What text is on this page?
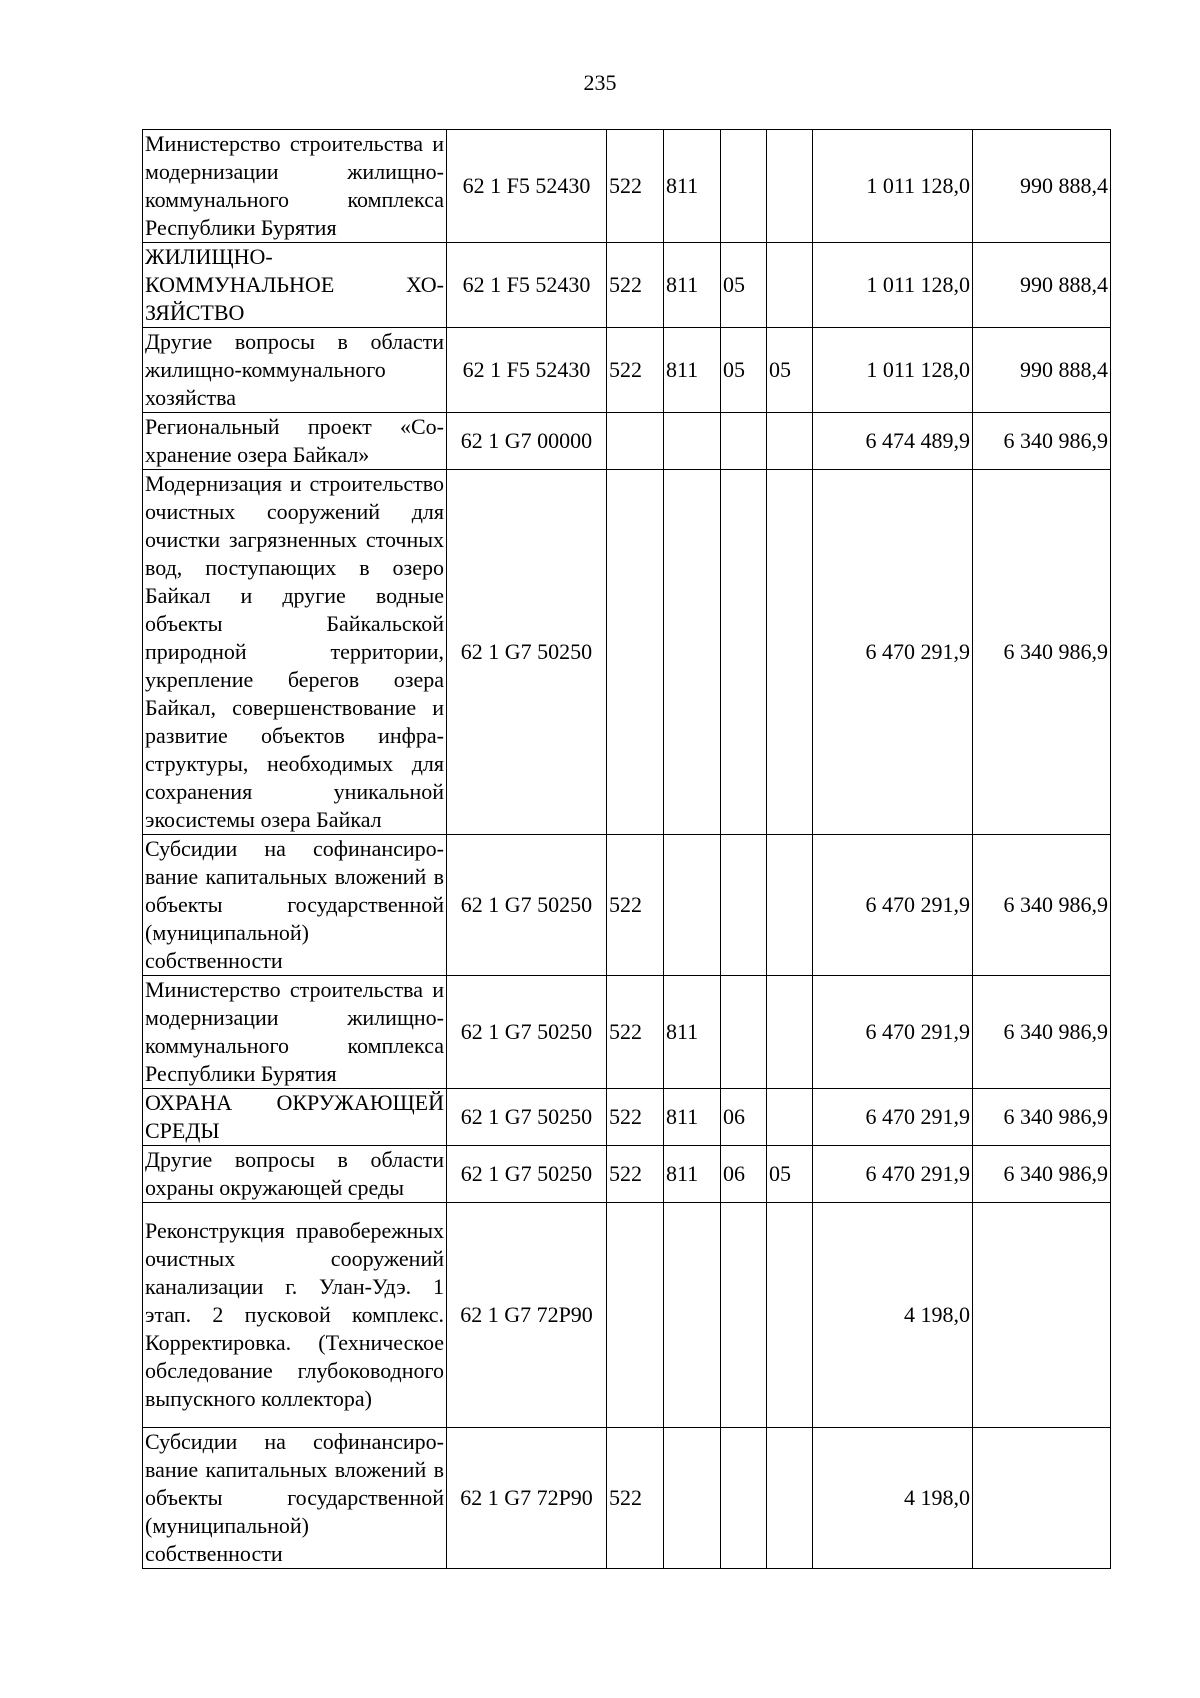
235
Министерство строительства и модернизации жилищно-коммунального комплекса Республики Бурятия	62 1 F5 52430	522	811			1 011 128,0	990 888,4
ЖИЛИЩНО-КОММУНАЛЬНОЕ ХОЗЯЙСТВО	62 1 F5 52430	522	811	05		1 011 128,0	990 888,4
Другие вопросы в области жилищно-коммунального хозяйства	62 1 F5 52430	522	811	05	05	1 011 128,0	990 888,4
Региональный проект «Сохранение озера Байкал»	62 1 G7 00000					6 474 489,9	6 340 986,9
Модернизация и строительство очистных сооружений для очистки загрязненных сточных вод, поступающих в озеро Байкал и другие водные объекты Байкальской природной территории, укрепление берегов озера Байкал, совершенствование и развитие объектов инфраструктуры, необходимых для сохранения уникальной экосистемы озера Байкал	62 1 G7 50250					6 470 291,9	6 340 986,9
Субсидии на софинансирование капитальных вложений в объекты государственной (муниципальной) собственности	62 1 G7 50250	522				6 470 291,9	6 340 986,9
Министерство строительства и модернизации жилищно-коммунального комплекса Республики Бурятия	62 1 G7 50250	522	811			6 470 291,9	6 340 986,9
ОХРАНА ОКРУЖАЮЩЕЙ СРЕДЫ	62 1 G7 50250	522	811	06		6 470 291,9	6 340 986,9
Другие вопросы в области охраны окружающей среды	62 1 G7 50250	522	811	06	05	6 470 291,9	6 340 986,9
Реконструкция правобережных очистных сооружений канализации г. Улан-Удэ. 1 этап. 2 пусковой комплекс. Корректировка. (Техническое обследование глубоководного выпускного коллектора)	62 1 G7 72P90					4 198,0	
Субсидии на софинансирование капитальных вложений в объекты государственной (муниципальной) собственности	62 1 G7 72P90	522				4 198,0	
